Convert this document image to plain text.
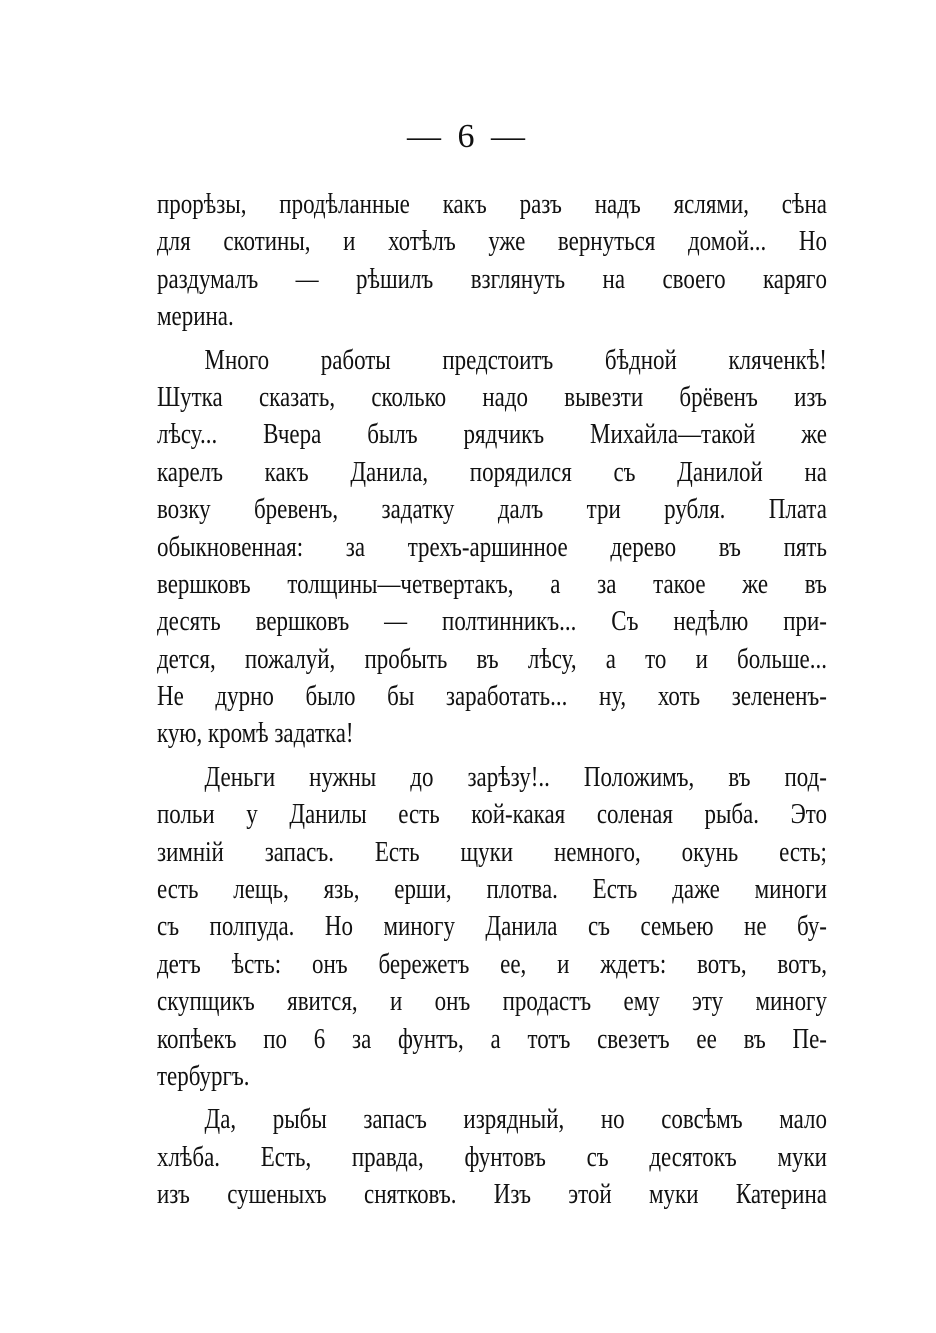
— 6 —
прорѣзы, продѣланные какъ разъ надъ яслями, сѣна
для скотины, и хотѣлъ уже вернуться домой... Но
раздумалъ — рѣшилъ взглянуть на своего карягo
мерина.
Много работы предстоитъ бѣдной кляченкѣ!
Шутка сказать, сколько надо вывезти брёвенъ изъ
лѣсу... Вчера былъ рядчикъ Михайла—такой же
карелъ какъ Данила, порядился съ Данилой на
возку бревенъ, задатку далъ три рубля. Плата
обыкновенная: за трехъ-аршинное дерево въ пять
вершковъ толщины—четвертакъ, а за такое же въ
десять вершковъ — полтинникъ... Съ недѣлю при-
дется, пожалуй, пробыть въ лѣсу, а то и больше...
Не дурно было бы заработать... ну, хоть зелененъ-
кую, кромѣ задатка!
Деньги нужны до зарѣзу!.. Положимъ, въ под-
польи у Данилы есть кой-какая соленая рыба. Это
зимній запасъ. Есть щуки немного, окунь есть;
есть лещь, язь, ерши, плотва. Есть даже миноги
съ полпуда. Но миногу Данила съ семьею не бу-
детъ ѣсть: онъ бережетъ ее, и ждетъ: вотъ, вотъ,
скупщикъ явится, и онъ продастъ ему эту миногу
копѣекъ по 6 за фунтъ, а тотъ свезетъ ее въ Пе-
тербургъ.
Да, рыбы запасъ изрядный, но совсѣмъ мало
хлѣба. Есть, правда, фунтовъ съ десятокъ муки
изъ сушеныхъ снятковъ. Изъ этой муки Катерина
